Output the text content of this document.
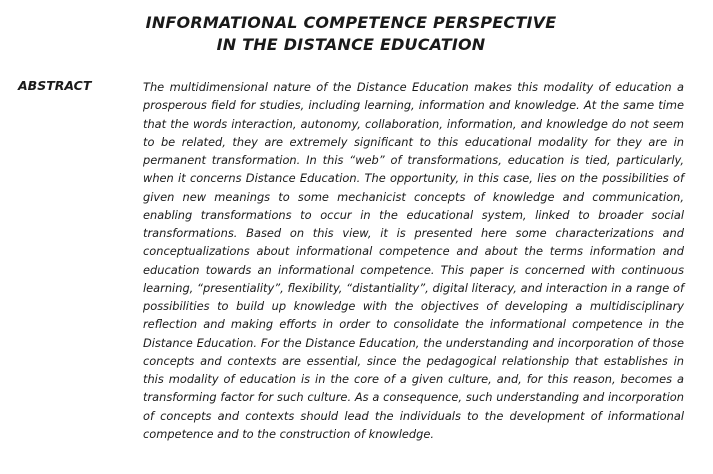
INFORMATIONAL COMPETENCE PERSPECTIVE
IN THE DISTANCE EDUCATION

ABSTRACT	The multidimensional nature of the Distance Education makes this modality of education a prosperous field for studies, including learning, information and knowledge. At the same time that the words interaction, autonomy, collaboration, information, and knowledge do not seem to be related, they are extremely significant to this educational modality for they are in permanent transformation. In this “web” of transformations, education is tied, particularly, when it concerns Distance Education. The opportunity, in this case, lies on the possibilities of given new meanings to some mechanicist concepts of knowledge and communication, enabling transformations to occur in the educational system, linked to broader social transformations. Based on this view, it is presented here some characterizations and conceptualizations about informational competence and about the terms information and education towards an informational competence. This paper is concerned with continuous learning, “presentiality”, flexibility, “distantiality”, digital literacy, and interaction in a range of possibilities to build up knowledge with the objectives of developing a multidisciplinary reflection and making efforts in order to consolidate the informational competence in the Distance Education. For the Distance Education, the understanding and incorporation of those concepts and contexts are essential, since the pedagogical relationship that establishes in this modality of education is in the core of a given culture, and, for this reason, becomes a transforming factor for such culture. As a consequence, such understanding and incorporation of concepts and contexts should lead the individuals to the development of informational competence and to the construction of knowledge.
